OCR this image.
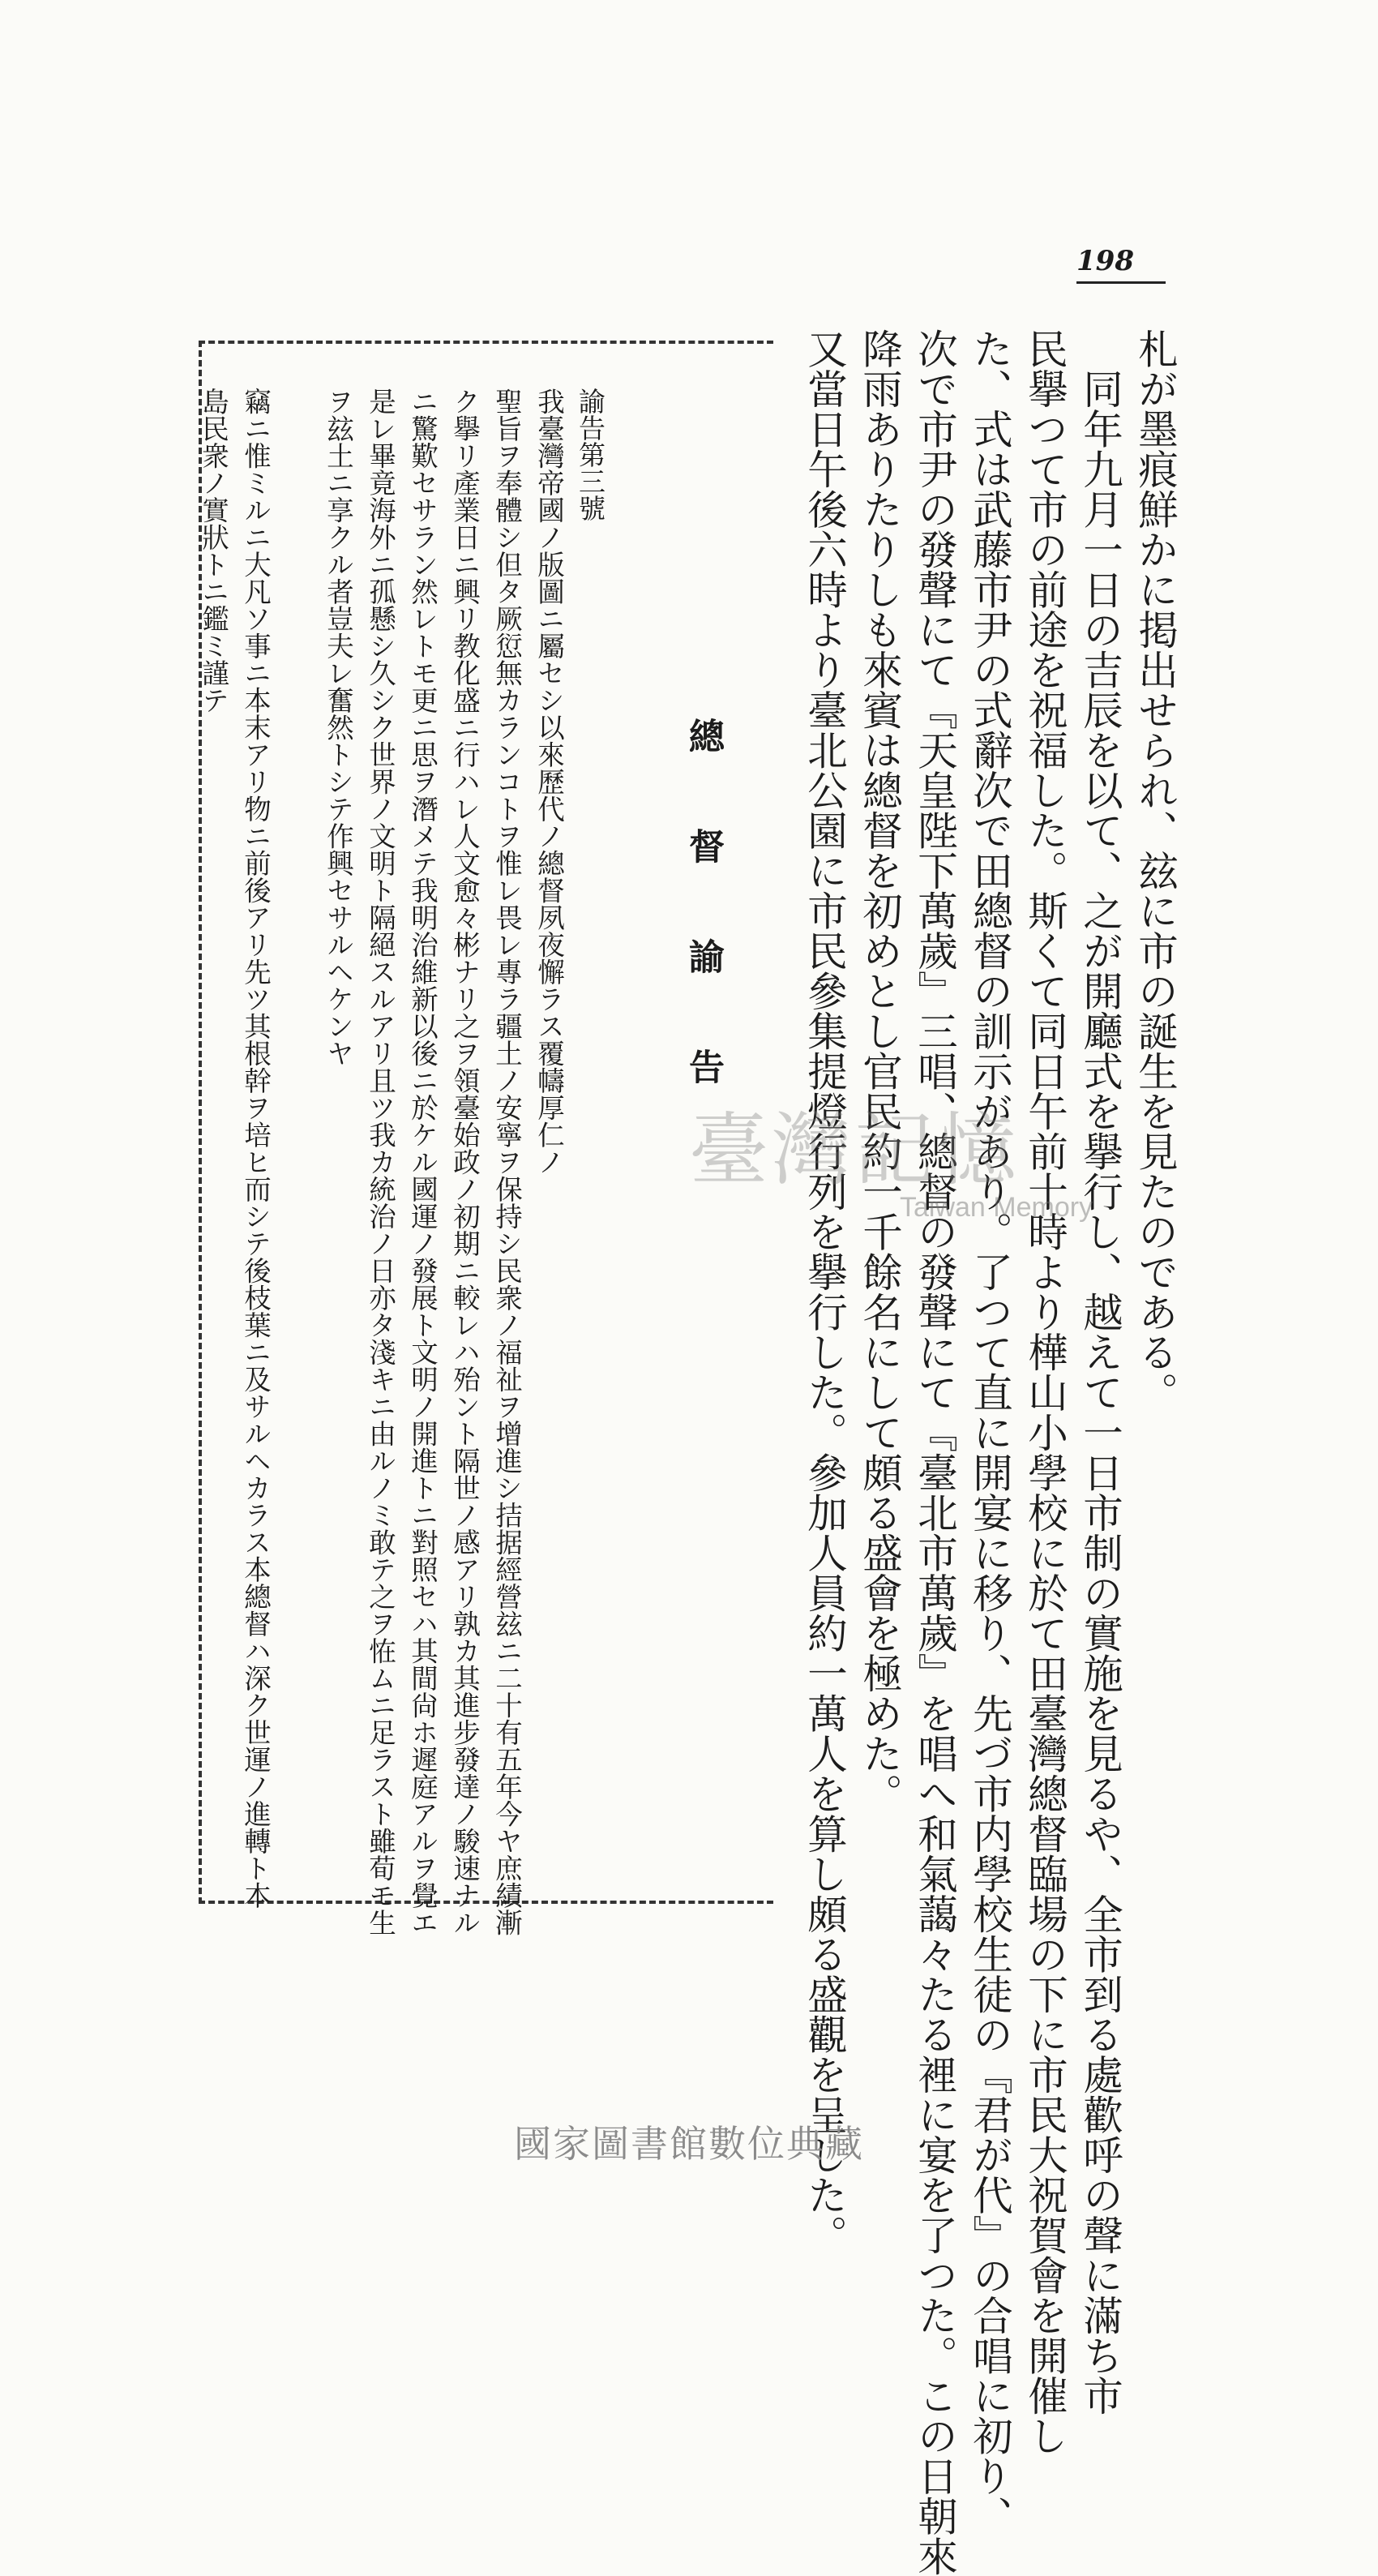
198
札が墨痕鮮かに掲出せられ、玆に市の誕生を見たのである。
　同年九月一日の吉辰を以て、之が開廳式を擧行し、越えて一日市制の實施を見るや、全市到る處歡呼の聲に滿ち市
民擧つて市の前途を祝福した。斯くて同日午前十時より樺山小學校に於て田臺灣總督臨場の下に市民大祝賀會を開催し
た、式は武藤市尹の式辭次で田總督の訓示があり。了つて直に開宴に移り、先づ市内學校生徒の『君が代』の合唱に初り、
次で市尹の發聲にて『天皇陛下萬歲』三唱、總督の發聲にて『臺北市萬歲』を唱へ和氣藹々たる裡に宴を了つた。この日朝來
降雨ありたりしも來賓は總督を初めとし官民約一千餘名にして頗る盛會を極めた。
又當日午後六時より臺北公園に市民參集提燈行列を擧行した。參加人員約一萬人を算し頗る盛觀を呈した。
總督諭告
諭告第三號
我臺灣帝國ノ版圖ニ屬セシ以來歷代ノ總督夙夜懈ラス覆幬厚仁ノ
聖旨ヲ奉體シ但タ厥愆無カランコトヲ惟レ畏レ專ラ疆土ノ安寧ヲ保持シ民衆ノ福祉ヲ增進シ拮据經營玆ニ二十有五年今ヤ庶績漸
ク擧リ產業日ニ興リ教化盛ニ行ハレ人文愈々彬ナリ之ヲ領臺始政ノ初期ニ較レハ殆ント隔世ノ感アリ孰カ其進步發達ノ駿速ナル
ニ驚歎セサラン然レトモ更ニ思ヲ潛メテ我明治維新以後ニ於ケル國運ノ發展ト文明ノ開進トニ對照セハ其間尙ホ遲庭アルヲ覺エ
是レ畢竟海外ニ孤懸シ久シク世界ノ文明ト隔絕スルアリ且ツ我カ統治ノ日亦タ淺キニ由ルノミ敢テ之ヲ恠ムニ足ラスト雖荀モ生
ヲ玆土ニ享クル者豈夫レ奮然トシテ作興セサルヘケンヤ
竊ニ惟ミルニ大凡ソ事ニ本末アリ物ニ前後アリ先ツ其根幹ヲ培ヒ而シテ後枝葉ニ及サルヘカラス本總督ハ深ク世運ノ進轉ト本
島民衆ノ實狀トニ鑑ミ謹テ
臺灣記憶
Taiwan Memory
國家圖書館數位典藏
